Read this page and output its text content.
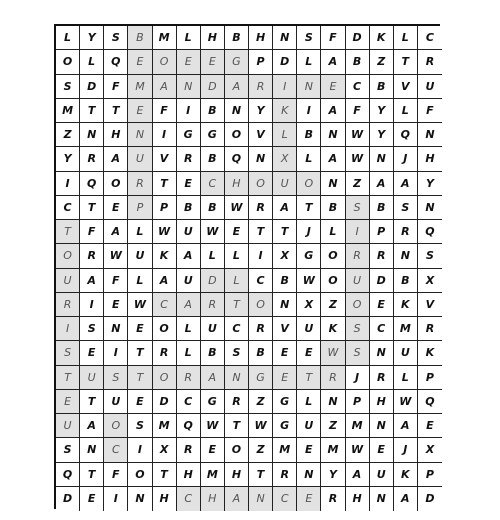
L	Y	S	B	M	L	H	B	H	N	S	F	D	K	L	C
O	L	Q	E	O	E	E	G	P	D	L	A	B	Z	T	R
S	D	F	M	A	N	D	A	R	I	N	E	C	B	V	U
M	T	T	E	F	I	B	N	Y	K	I	A	F	Y	L	F
Z	N	H	N	I	G	G	O	V	L	B	N	W	Y	Q	N
Y	R	A	U	V	R	B	Q	N	X	L	A	W	N	J	H
I	Q	O	R	T	E	C	H	O	U	O	N	Z	A	A	Y
C	T	E	P	P	B	B	W	R	A	T	B	S	B	S	N
T	F	A	L	W	U	W	E	T	T	J	L	I	P	R	Q
O	R	W	U	K	A	L	L	I	X	G	O	R	R	N	S
U	A	F	L	A	U	D	L	C	B	W	O	U	D	B	X
R	I	E	W	C	A	R	T	O	N	X	Z	O	E	K	V
I	S	N	E	O	L	U	C	R	V	U	K	S	C	M	R
S	E	I	T	R	L	B	S	B	E	E	W	S	N	U	K
T	U	S	T	O	R	A	N	G	E	T	R	J	R	L	P
E	T	U	E	D	C	G	R	Z	G	L	N	P	H	W	Q
U	A	O	S	M	Q	W	T	W	G	U	Z	M	N	A	E
S	N	C	I	X	R	E	O	Z	M	E	M	W	E	J	X
Q	T	F	O	T	H	M	H	T	R	N	Y	A	U	K	P
D	E	I	N	H	C	H	A	N	C	E	R	H	N	A	D
